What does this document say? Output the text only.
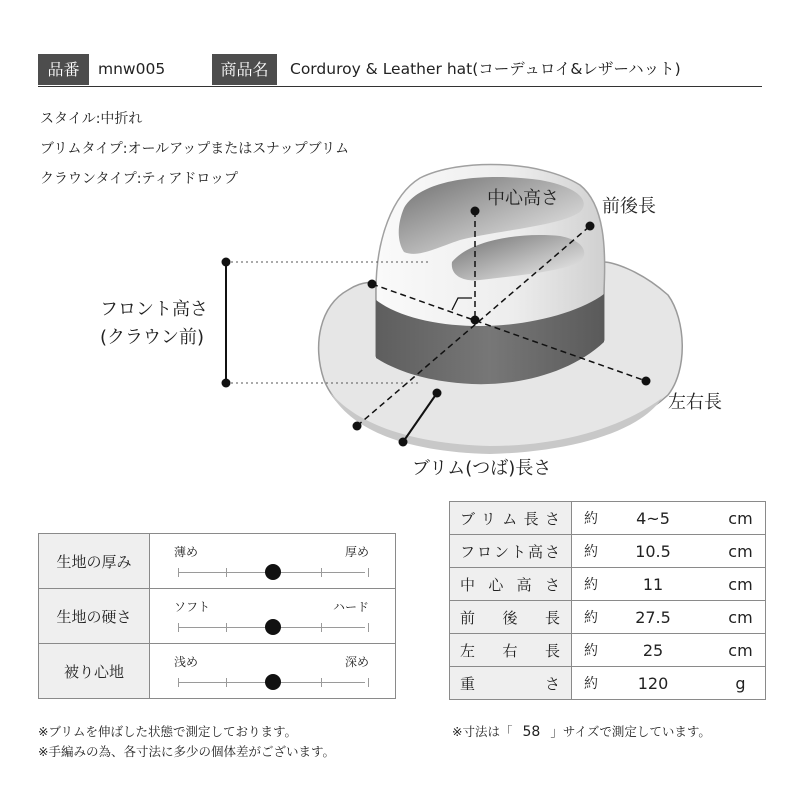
品番	mnw005	商品名	Corduroy & Leather hat(コーデュロイ&レザーハット)
スタイル:中折れ
ブリムタイプ:オールアップまたはスナップブリム
クラウンタイプ:ティアドロップ
中心高さ 前後長
フロント高さ
(クラウン前)
左右長
ブリム(つば)長さ
生地の厚み	薄め 厚め

生地の硬さ	ソフト ハード

被り心地	浅め 深め
ブリム長さ	約	4~5	cm
フロント高さ	約	10.5	cm
中心高さ	約	11	cm
前後長	約	27.5	cm
左右長	約	25	cm
重さ	約	120	g
※ブリムを伸ばした状態で測定しております。
※手編みの為、各寸法に多少の個体差がございます。
※寸法は「 58 」サイズで測定しています。
